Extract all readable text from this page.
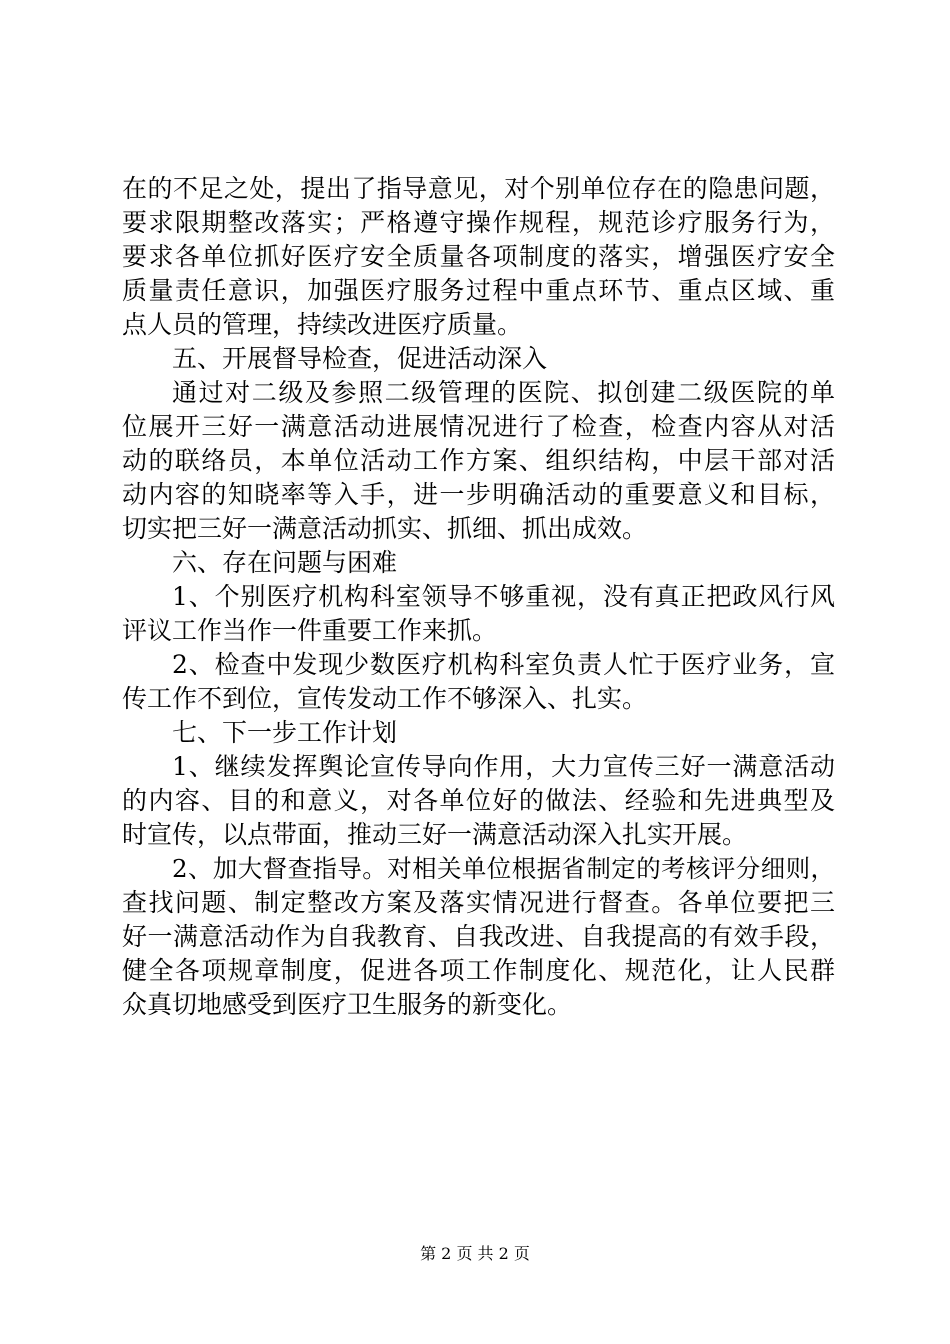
在的不足之处，提出了指导意见，对个别单位存在的隐患问题，
要求限期整改落实；严格遵守操作规程，规范诊疗服务行为，
要求各单位抓好医疗安全质量各项制度的落实，增强医疗安全
质量责任意识，加强医疗服务过程中重点环节、重点区域、重
点人员的管理，持续改进医疗质量。
五、开展督导检查，促进活动深入
通过对二级及参照二级管理的医院、拟创建二级医院的单
位展开三好一满意活动进展情况进行了检查，检查内容从对活
动的联络员，本单位活动工作方案、组织结构，中层干部对活
动内容的知晓率等入手，进一步明确活动的重要意义和目标，
切实把三好一满意活动抓实、抓细、抓出成效。
六、存在问题与困难
1、个别医疗机构科室领导不够重视，没有真正把政风行风
评议工作当作一件重要工作来抓。
2、检查中发现少数医疗机构科室负责人忙于医疗业务，宣
传工作不到位，宣传发动工作不够深入、扎实。
七、下一步工作计划
1、继续发挥舆论宣传导向作用，大力宣传三好一满意活动
的内容、目的和意义，对各单位好的做法、经验和先进典型及
时宣传，以点带面，推动三好一满意活动深入扎实开展。
2、加大督查指导。对相关单位根据省制定的考核评分细则，
查找问题、制定整改方案及落实情况进行督查。各单位要把三
好一满意活动作为自我教育、自我改进、自我提高的有效手段，
健全各项规章制度，促进各项工作制度化、规范化，让人民群
众真切地感受到医疗卫生服务的新变化。
第 2 页 共 2 页
